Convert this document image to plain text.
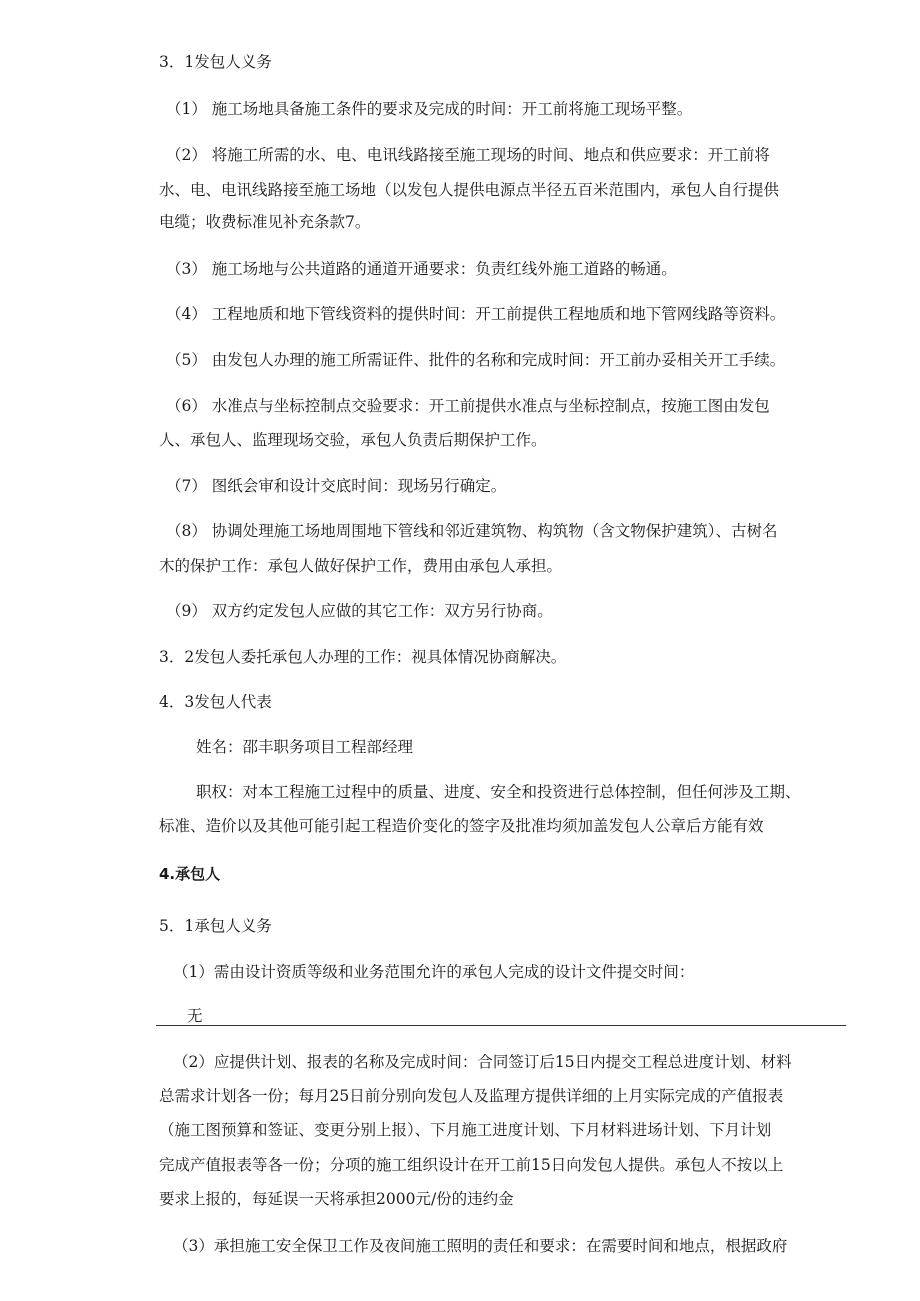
3．1发包人义务
（1） 施工场地具备施工条件的要求及完成的时间：开工前将施工现场平整。
（2） 将施工所需的水、电、电讯线路接至施工现场的时间、地点和供应要求：开工前将
水、电、电讯线路接至施工场地（以发包人提供电源点半径五百米范围内，承包人自行提供
电缆；收费标准见补充条款7。
（3） 施工场地与公共道路的通道开通要求：负责红线外施工道路的畅通。
（4） 工程地质和地下管线资料的提供时间：开工前提供工程地质和地下管网线路等资料。
（5） 由发包人办理的施工所需证件、批件的名称和完成时间：开工前办妥相关开工手续。
（6） 水准点与坐标控制点交验要求：开工前提供水准点与坐标控制点，按施工图由发包
人、承包人、监理现场交验，承包人负责后期保护工作。
（7） 图纸会审和设计交底时间：现场另行确定。
（8） 协调处理施工场地周围地下管线和邻近建筑物、构筑物（含文物保护建筑）、古树名
木的保护工作：承包人做好保护工作，费用由承包人承担。
（9） 双方约定发包人应做的其它工作：双方另行协商。
3．2发包人委托承包人办理的工作：视具体情况协商解决。
4．3发包人代表
姓名：邵丰职务项目工程部经理
职权：对本工程施工过程中的质量、进度、安全和投资进行总体控制，但任何涉及工期、
标准、造价以及其他可能引起工程造价变化的签字及批准均须加盖发包人公章后方能有效
4.承包人
5．1承包人义务
（1）需由设计资质等级和业务范围允许的承包人完成的设计文件提交时间：
无
（2）应提供计划、报表的名称及完成时间：合同签订后15日内提交工程总进度计划、材料
总需求计划各一份；每月25日前分别向发包人及监理方提供详细的上月实际完成的产值报表
（施工图预算和签证、变更分别上报）、下月施工进度计划、下月材料进场计划、下月计划
完成产值报表等各一份；分项的施工组织设计在开工前15日向发包人提供。承包人不按以上
要求上报的，每延误一天将承担2000元/份的违约金
（3）承担施工安全保卫工作及夜间施工照明的责任和要求：在需要时间和地点，根据政府
